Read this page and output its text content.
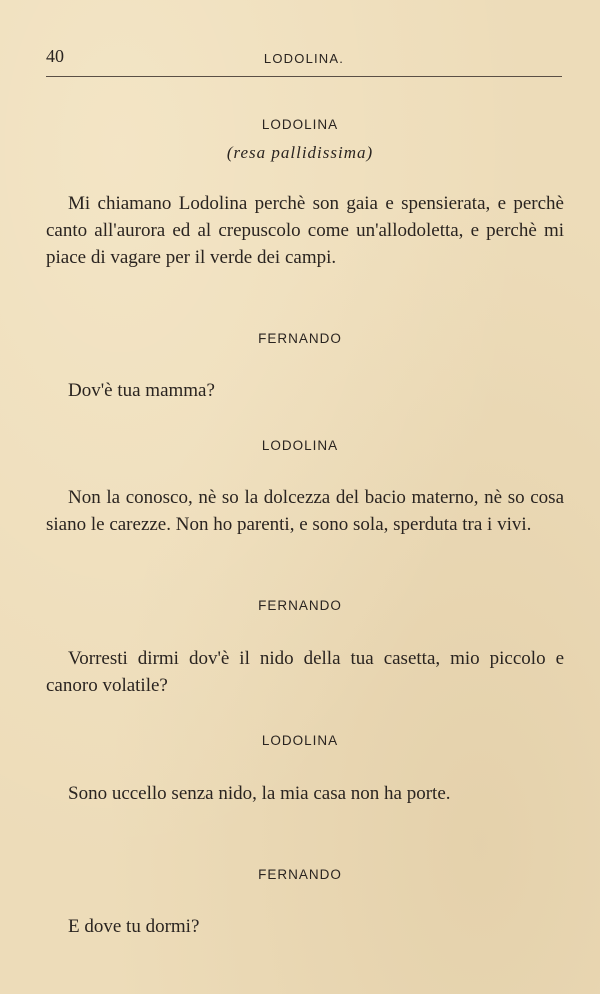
40	LODOLINA.
LODOLINA
(resa pallidissima)
Mi chiamano Lodolina perchè son gaia e spensierata, e perchè canto all'aurora ed al crepuscolo come un'allodoletta, e perchè mi piace di vagare per il verde dei campi.
FERNANDO
Dov'è tua mamma?
LODOLINA
Non la conosco, nè so la dolcezza del bacio materno, nè so cosa siano le carezze. Non ho parenti, e sono sola, sperduta tra i vivi.
FERNANDO
Vorresti dirmi dov'è il nido della tua casetta, mio piccolo e canoro volatile?
LODOLINA
Sono uccello senza nido, la mia casa non ha porte.
FERNANDO
E dove tu dormi?
